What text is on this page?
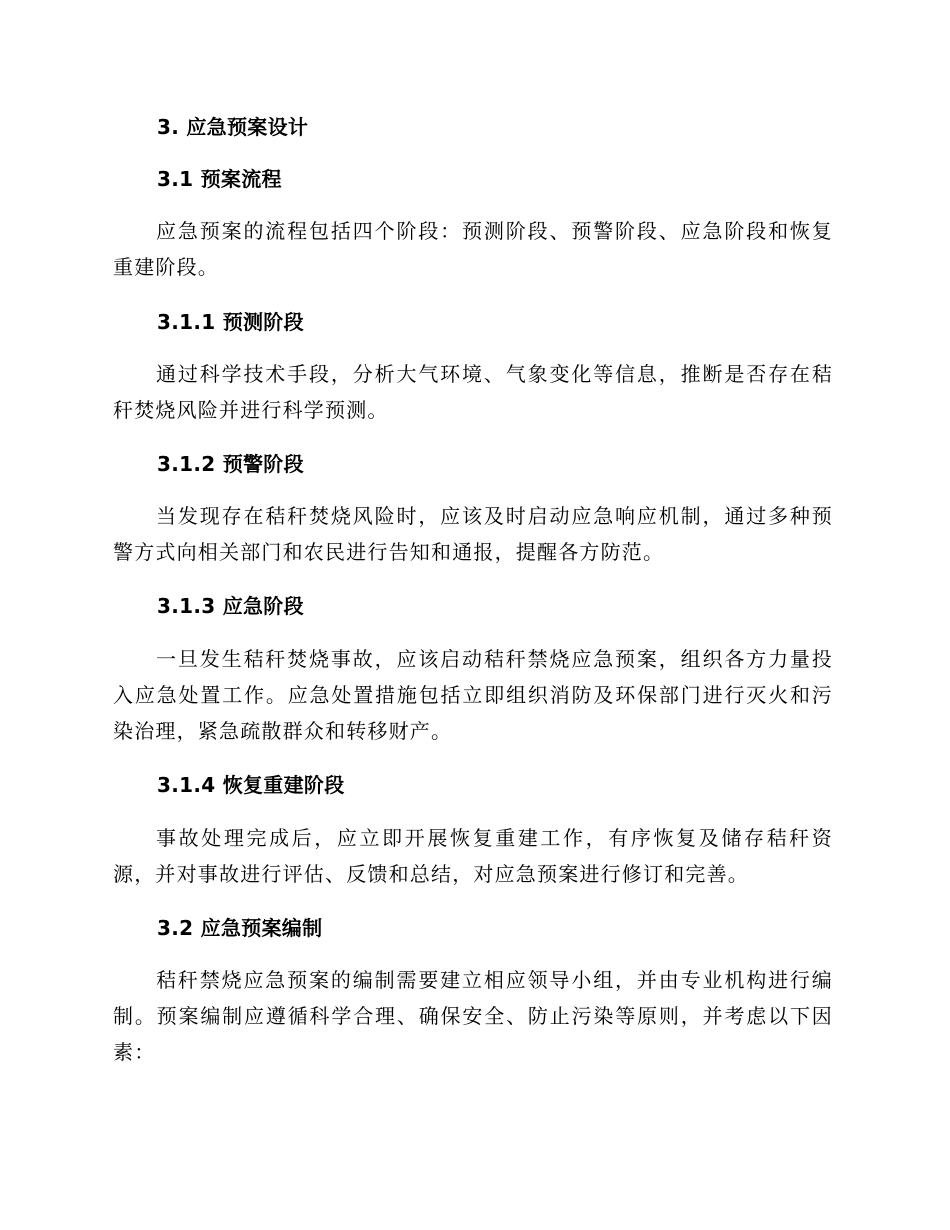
3. 应急预案设计
3.1 预案流程
应急预案的流程包括四个阶段：预测阶段、预警阶段、应急阶段和恢复重建阶段。
3.1.1 预测阶段
通过科学技术手段，分析大气环境、气象变化等信息，推断是否存在秸秆焚烧风险并进行科学预测。
3.1.2 预警阶段
当发现存在秸秆焚烧风险时，应该及时启动应急响应机制，通过多种预警方式向相关部门和农民进行告知和通报，提醒各方防范。
3.1.3 应急阶段
一旦发生秸秆焚烧事故，应该启动秸秆禁烧应急预案，组织各方力量投入应急处置工作。应急处置措施包括立即组织消防及环保部门进行灭火和污染治理，紧急疏散群众和转移财产。
3.1.4 恢复重建阶段
事故处理完成后，应立即开展恢复重建工作，有序恢复及储存秸秆资源，并对事故进行评估、反馈和总结，对应急预案进行修订和完善。
3.2 应急预案编制
秸秆禁烧应急预案的编制需要建立相应领导小组，并由专业机构进行编制。预案编制应遵循科学合理、确保安全、防止污染等原则，并考虑以下因素：
